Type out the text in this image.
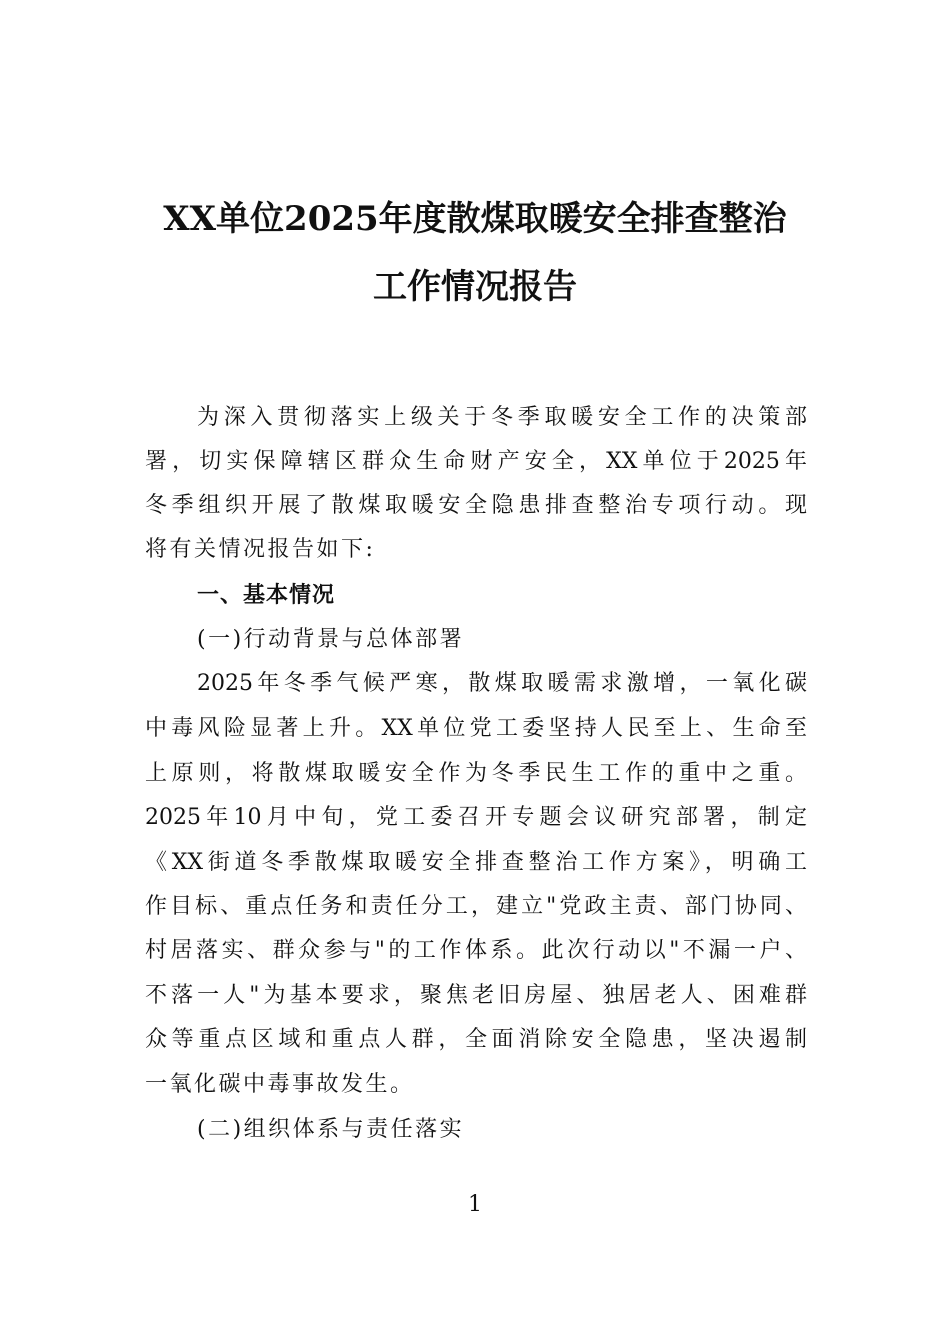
XX单位2025年度散煤取暖安全排查整治
工作情况报告
为深入贯彻落实上级关于冬季取暖安全工作的决策部
署，切实保障辖区群众生命财产安全，XX单位于2025年
冬季组织开展了散煤取暖安全隐患排查整治专项行动。现
将有关情况报告如下:
一、基本情况
(一)行动背景与总体部署
2025年冬季气候严寒，散煤取暖需求激增，一氧化碳
中毒风险显著上升。XX单位党工委坚持人民至上、生命至
上原则，将散煤取暖安全作为冬季民生工作的重中之重。
2025年10月中旬，党工委召开专题会议研究部署，制定
《XX街道冬季散煤取暖安全排查整治工作方案》，明确工
作目标、重点任务和责任分工，建立"党政主责、部门协同、
村居落实、群众参与"的工作体系。此次行动以"不漏一户、
不落一人"为基本要求，聚焦老旧房屋、独居老人、困难群
众等重点区域和重点人群，全面消除安全隐患，坚决遏制
一氧化碳中毒事故发生。
(二)组织体系与责任落实
1
